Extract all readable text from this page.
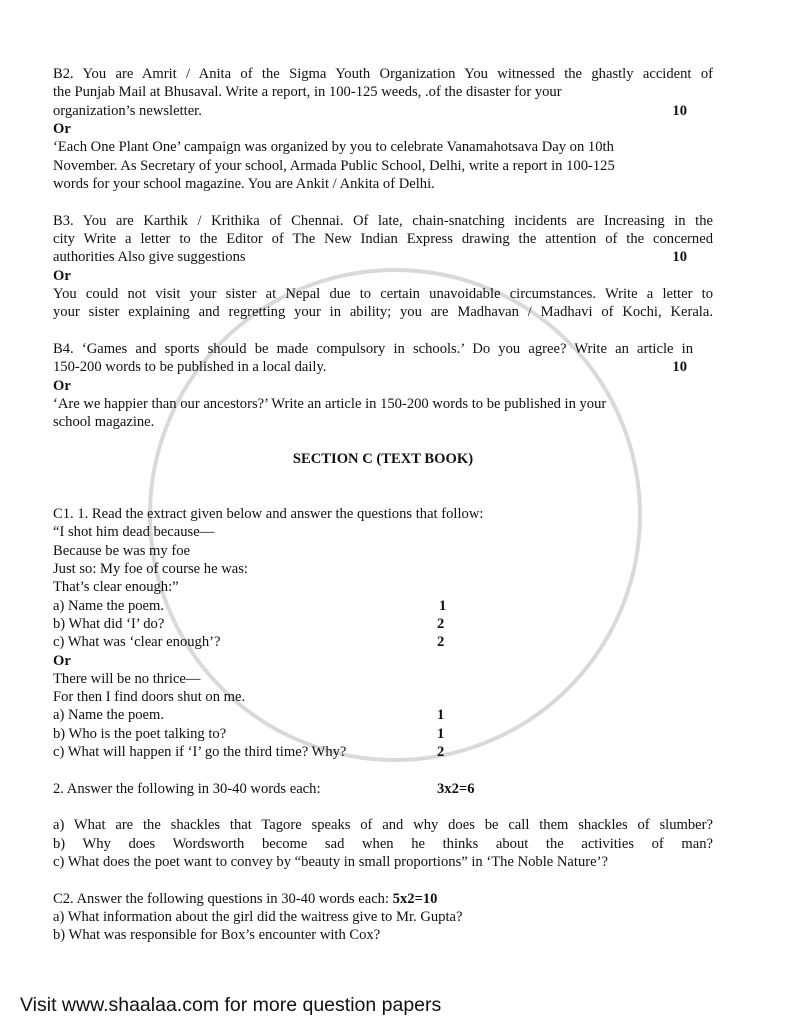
B2. You are Amrit / Anita of the Sigma Youth Organization You witnessed the ghastly accident of
the Punjab Mail at Bhusaval. Write a report, in 100-125 weeds, .of the disaster for your
organization’s newsletter.	10
Or
‘Each One Plant One’ campaign was organized by you to celebrate Vanamahotsava Day on 10th
November. As Secretary of your school, Armada Public School, Delhi, write a report in 100-125
words for your school magazine. You are Ankit / Ankita of Delhi.
B3. You are Karthik / Krithika of Chennai. Of late, chain-snatching incidents are Increasing in the
city Write a letter to the Editor of The New Indian Express drawing the attention of the concerned
authorities Also give suggestions	10
Or
You could not visit your sister at Nepal due to certain unavoidable circumstances. Write a letter to
your sister explaining and regretting your in ability; you are Madhavan / Madhavi of Kochi, Kerala.
B4. ‘Games and sports should be made compulsory in schools.’ Do you agree? Write an article in
150-200 words to be published in a local daily.	10
Or
‘Are we happier than our ancestors?’ Write an article in 150-200 words to be published in your
school magazine.
SECTION C (TEXT BOOK)
C1. 1. Read the extract given below and answer the questions that follow:
“I shot him dead because—
Because be was my foe
Just so: My foe of course he was:
That’s clear enough:”
a) Name the poem.	1
b) What did ‘I’ do?	2
c) What was ‘clear enough’?	2
Or
There will be no thrice—
For then I find doors shut on me.
a) Name the poem.	1
b) Who is the poet talking to?	1
c) What will happen if ‘I’ go the third time? Why?	2
2. Answer the following in 30-40 words each:	3x2=6
a) What are the shackles that Tagore speaks of and why does be call them shackles of slumber?
b) Why does Wordsworth become sad when he thinks about the activities of man?
c) What does the poet want to convey by “beauty in small proportions” in ‘The Noble Nature’?
C2. Answer the following questions in 30-40 words each: 5x2=10
a) What information about the girl did the waitress give to Mr. Gupta?
b) What was responsible for Box’s encounter with Cox?
Visit www.shaalaa.com for more question papers
